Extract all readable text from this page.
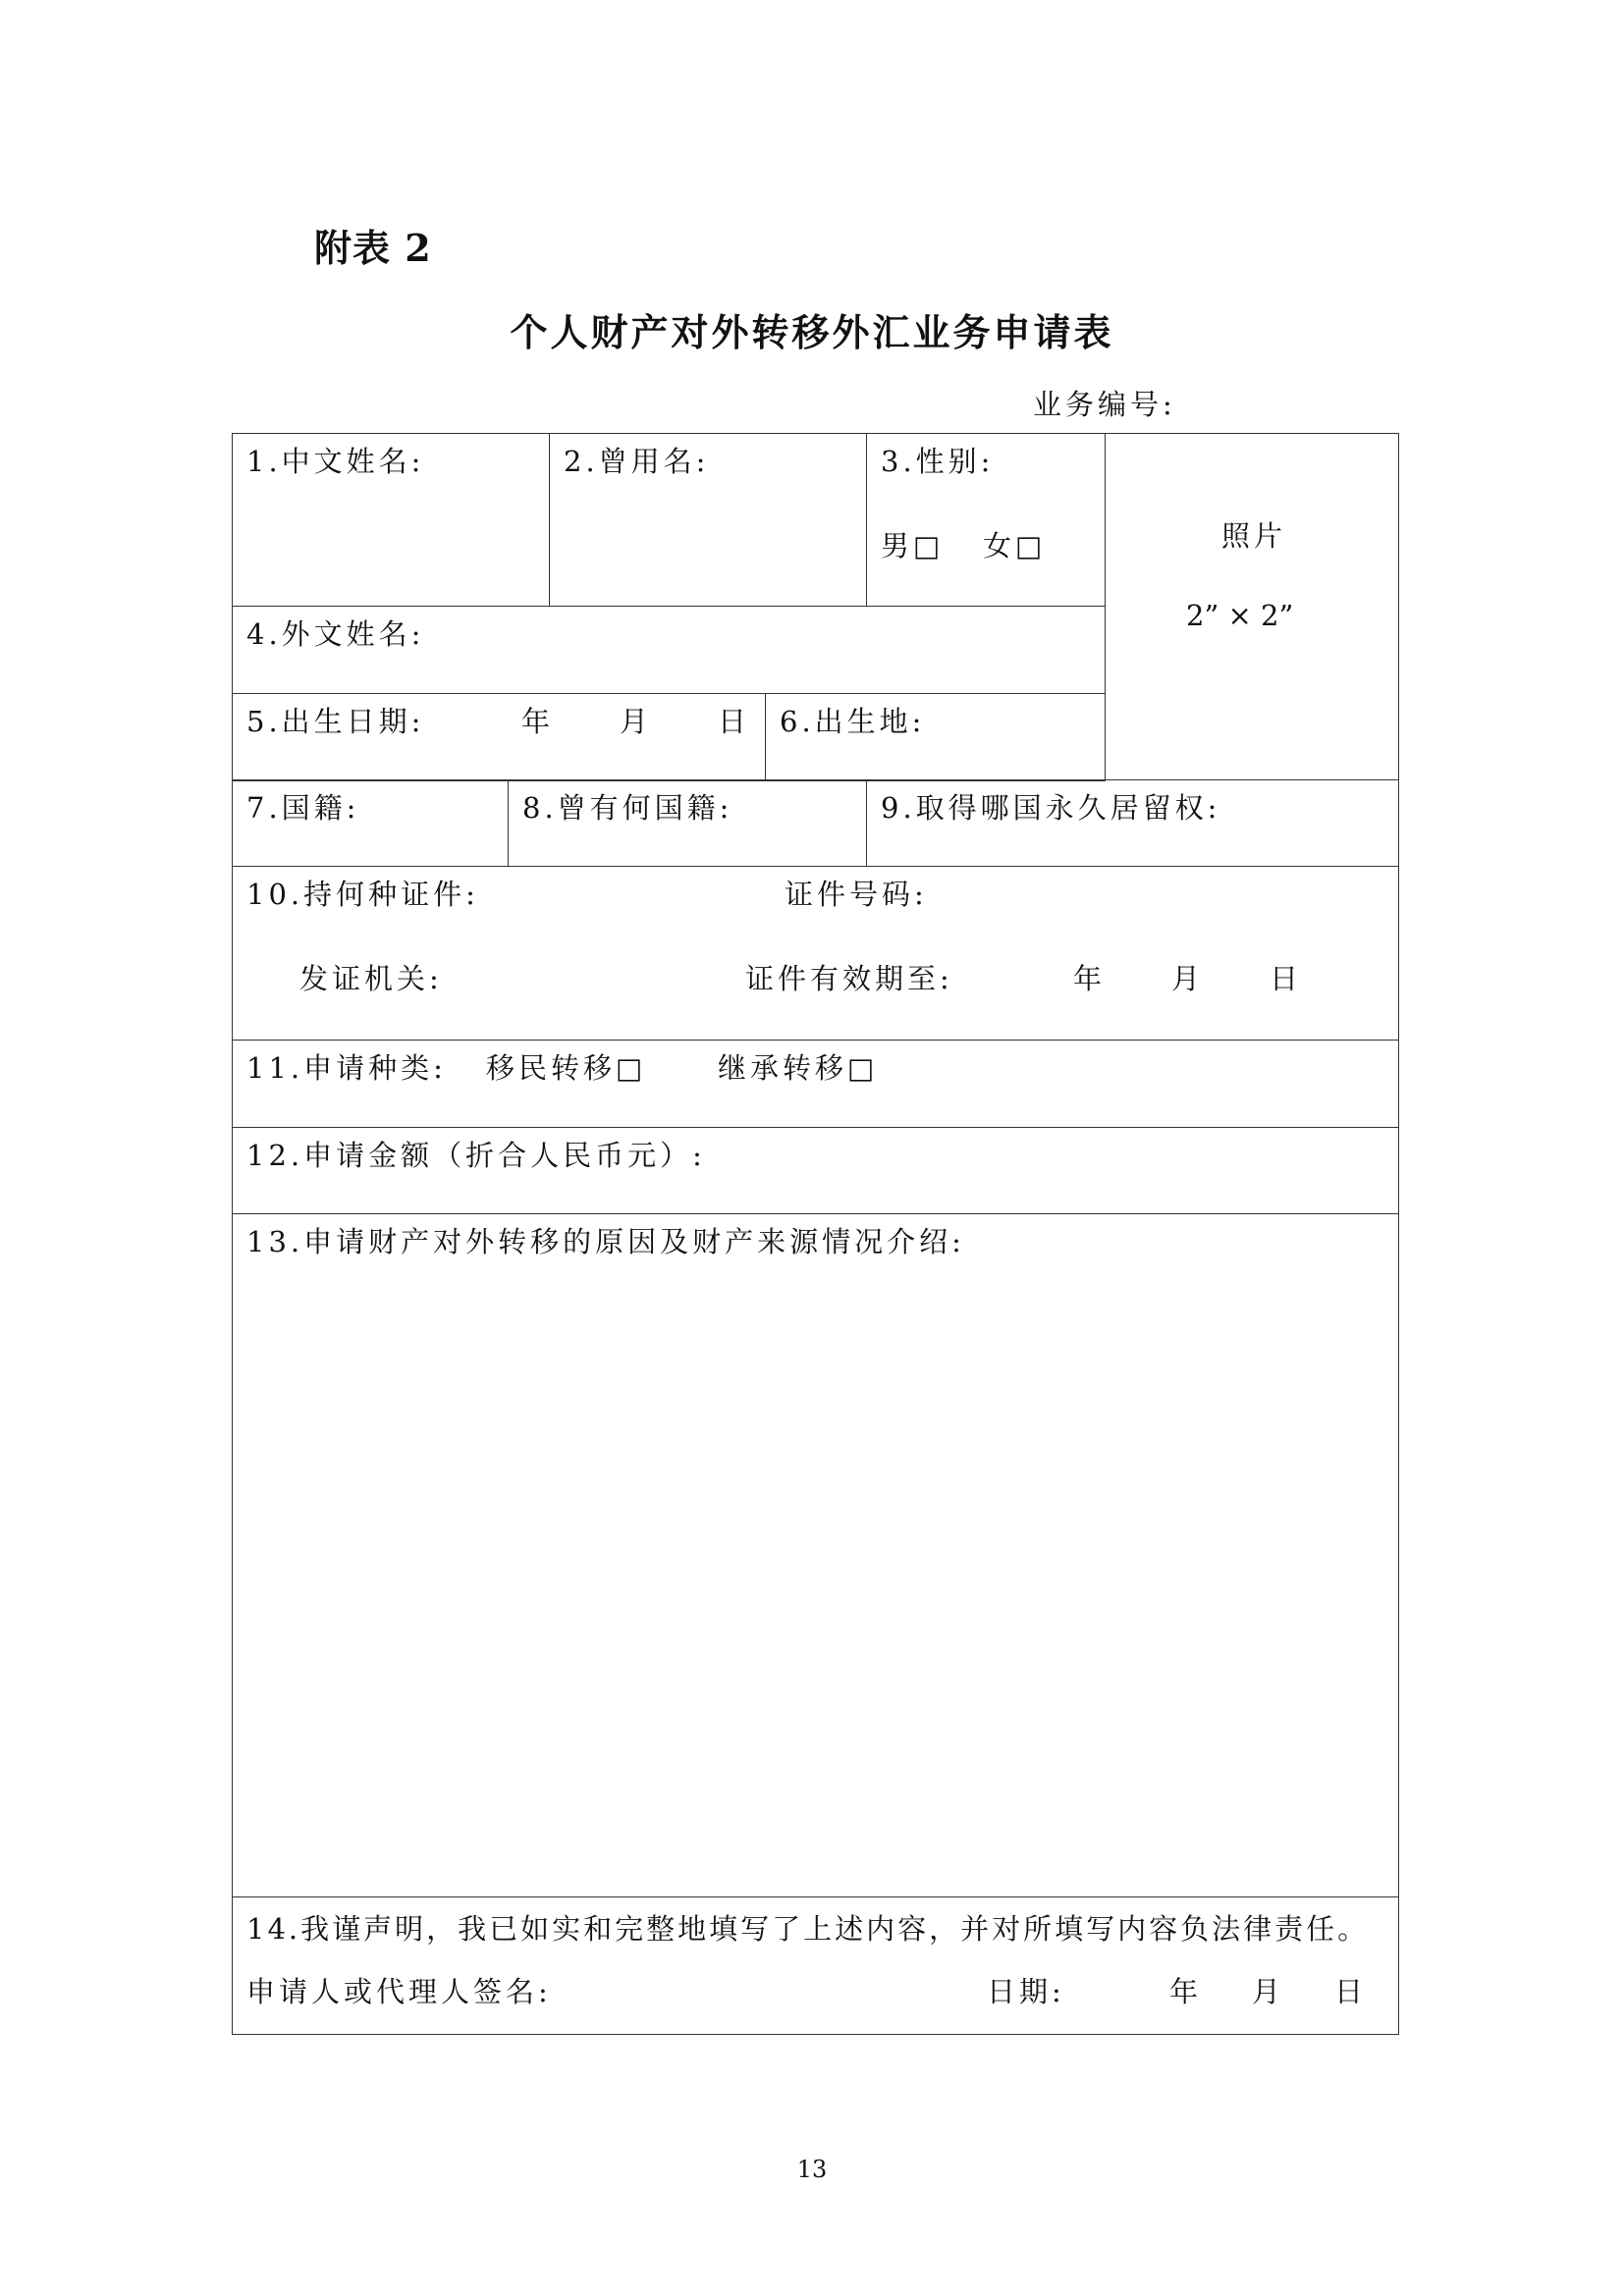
附表 2
个人财产对外转移外汇业务申请表
业务编号:
1.中文姓名:	2.曾用名:	3.性别:
男□ 女□	照片
2” × 2”
4.外文姓名:
5.出生日期:	年 月 日 6.出生地:
7.国籍:	8.曾有何国籍:	9.取得哪国永久居留权:
10.持何种证件:	证件号码:
发证机关:	证件有效期至:	年 月 日
11.申请种类: 移民转移□	继承转移□
12.申请金额（折合人民币元）:
13.申请财产对外转移的原因及财产来源情况介绍:
14.我谨声明，我已如实和完整地填写了上述内容，并对所填写内容负法律责任。
申请人或代理人签名:	日期:	年 月 日
13
